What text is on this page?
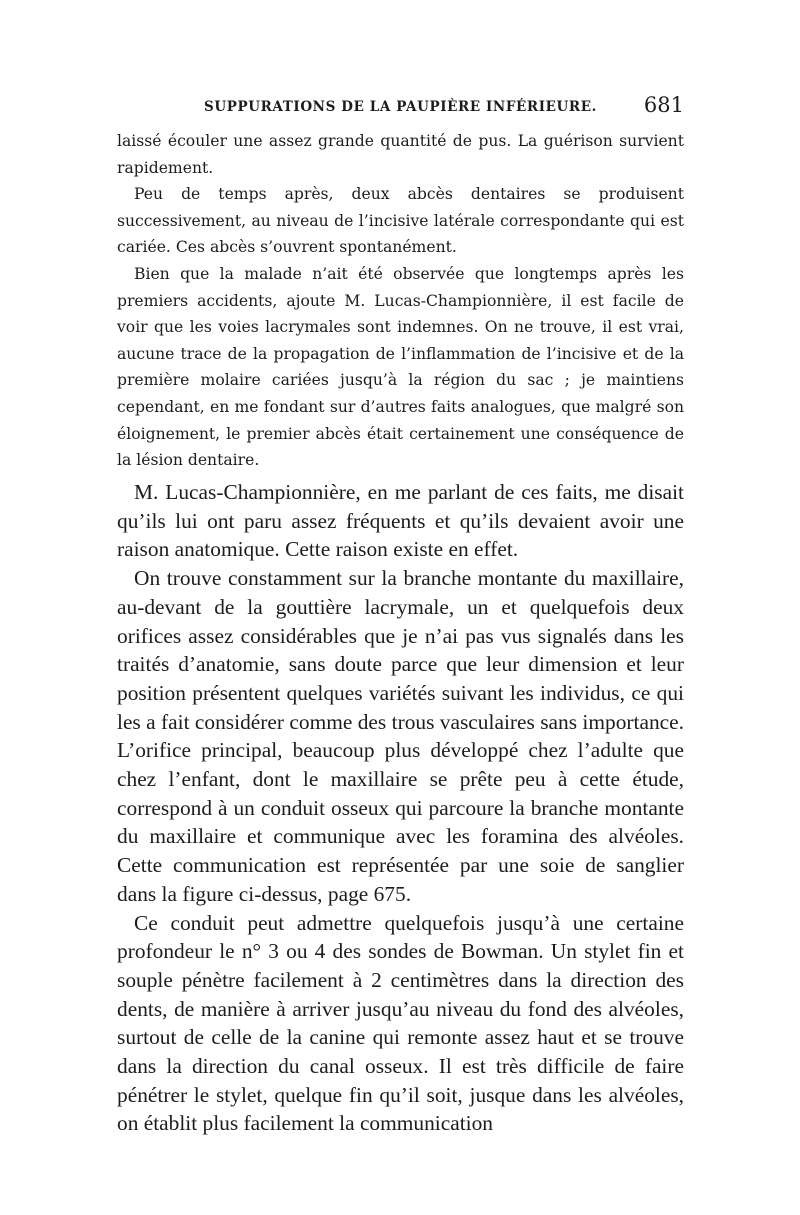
SUPPURATIONS DE LA PAUPIÈRE INFÉRIEURE. 681

laissé écouler une assez grande quantité de pus. La guérison survient rapidement.

Peu de temps après, deux abcès dentaires se produisent successivement, au niveau de l’incisive latérale correspondante qui est cariée. Ces abcès s’ouvrent spontanément.

Bien que la malade n’ait été observée que longtemps après les premiers accidents, ajoute M. Lucas-Championnière, il est facile de voir que les voies lacrymales sont indemnes. On ne trouve, il est vrai, aucune trace de la propagation de l’inflammation de l’incisive et de la première molaire cariées jusqu’à la région du sac ; je maintiens cependant, en me fondant sur d’autres faits analogues, que malgré son éloignement, le premier abcès était certainement une conséquence de la lésion dentaire.

M. Lucas-Championnière, en me parlant de ces faits, me disait qu’ils lui ont paru assez fréquents et qu’ils devaient avoir une raison anatomique. Cette raison existe en effet.

On trouve constamment sur la branche montante du maxillaire, au-devant de la gouttière lacrymale, un et quelquefois deux orifices assez considérables que je n’ai pas vus signalés dans les traités d’anatomie, sans doute parce que leur dimension et leur position présentent quelques variétés suivant les individus, ce qui les a fait considérer comme des trous vasculaires sans importance. L’orifice principal, beaucoup plus développé chez l’adulte que chez l’enfant, dont le maxillaire se prête peu à cette étude, correspond à un conduit osseux qui parcoure la branche montante du maxillaire et communique avec les foramina des alvéoles. Cette communication est représentée par une soie de sanglier dans la figure ci-dessus, page 675.

Ce conduit peut admettre quelquefois jusqu’à une certaine profondeur le n° 3 ou 4 des sondes de Bowman. Un stylet fin et souple pénètre facilement à 2 centimètres dans la direction des dents, de manière à arriver jusqu’au niveau du fond des alvéoles, surtout de celle de la canine qui remonte assez haut et se trouve dans la direction du canal osseux. Il est très difficile de faire pénétrer le stylet, quelque fin qu’il soit, jusque dans les alvéoles, on établit plus facilement la communication
